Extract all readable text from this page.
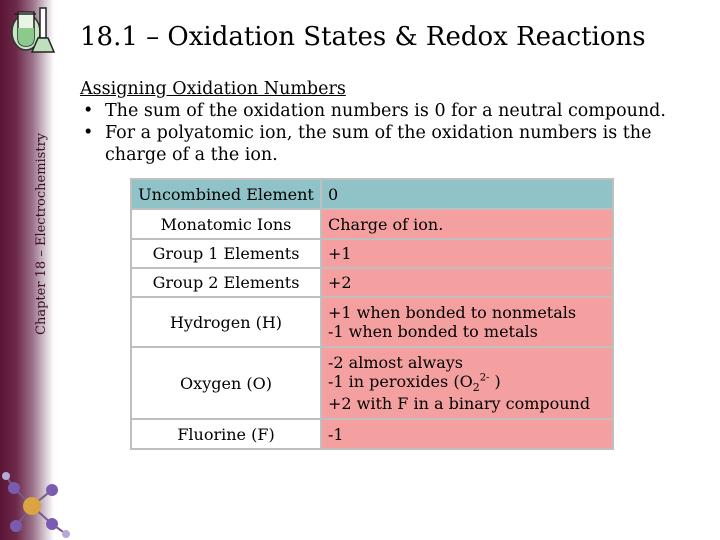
Chapter 18 – Electrochemistry
18.1 – Oxidation States & Redox Reactions
Assigning Oxidation Numbers
• The sum of the oxidation numbers is 0 for a neutral compound.
• For a polyatomic ion, the sum of the oxidation numbers is the charge of a the ion.
Uncombined Element	0
Monatomic Ions	Charge of ion.

Group 1 Elements	+1

Group 2 Elements	+2

Hydrogen (H)	+1 when bonded to nonmetals
-1 when bonded to metals

Oxygen (O)	-2 almost always
-1 in peroxides ($O_2^{2-}$ )
+2 with F in a binary compound

Fluorine (F)	-1
